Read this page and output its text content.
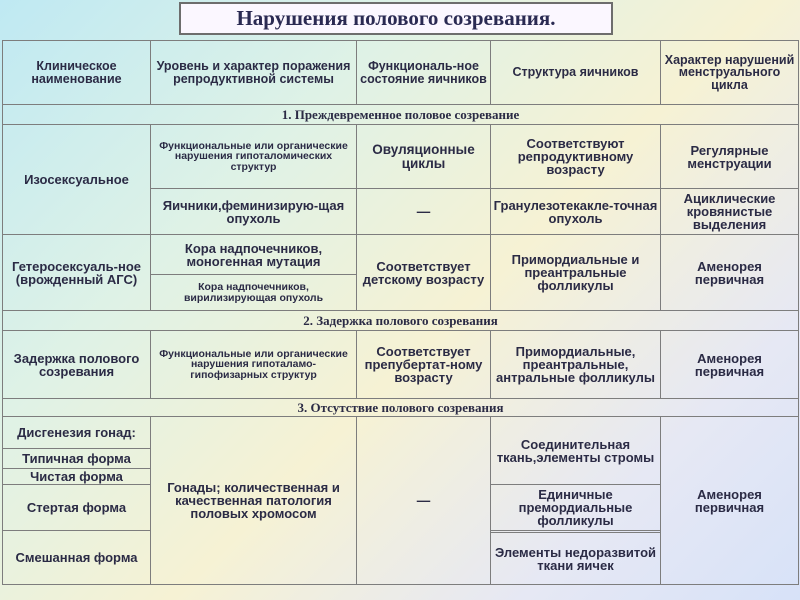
Нарушения полового созревания.
Клиническое наименование	Уровень и характер поражения репродуктивной системы	Функциональ-ное состояние яичников	Структура яичников	Характер нарушений менструального цикла
1. Преждевременное половое созревание				
Изосексуальное	Функциональные или органические нарушения гипоталомических структур	Овуляционные циклы	Соответствуют репродуктивному возрасту	Регулярные менструации
	Яичники,феминизирую-щая опухоль	—	Гранулезотекакле-точная опухоль	Ациклические кровянистые выделения
Гетеросексуаль-ное (врожденный АГС)	Кора надпочечников, моногенная мутация	Соответствует детскому возрасту	Примордиальные и преантральные фолликулы	Аменорея первичная
	Кора надпочечников, вирилизирующая опухоль			
2. Задержка полового созревания				
Задержка полового созревания	Функциональные или органические нарушения гипоталамо-гипофизарных структур	Соответствует препубертат-ному возрасту	Примордиальные, преантральные, антральные фолликулы	Аменорея первичная
3. Отсутствие полового созревания				
Дисгенезия гонад:	Гонады; количественная и качественная патология половых хромосом	—	Соединительная ткань,элементы стромы	Аменорея первичная
Типичная форма				
Чистая форма				
Стертая форма			Единичные премордиальные фолликулы	
Смешанная форма				
			Элементы недоразвитой ткани яичек	
